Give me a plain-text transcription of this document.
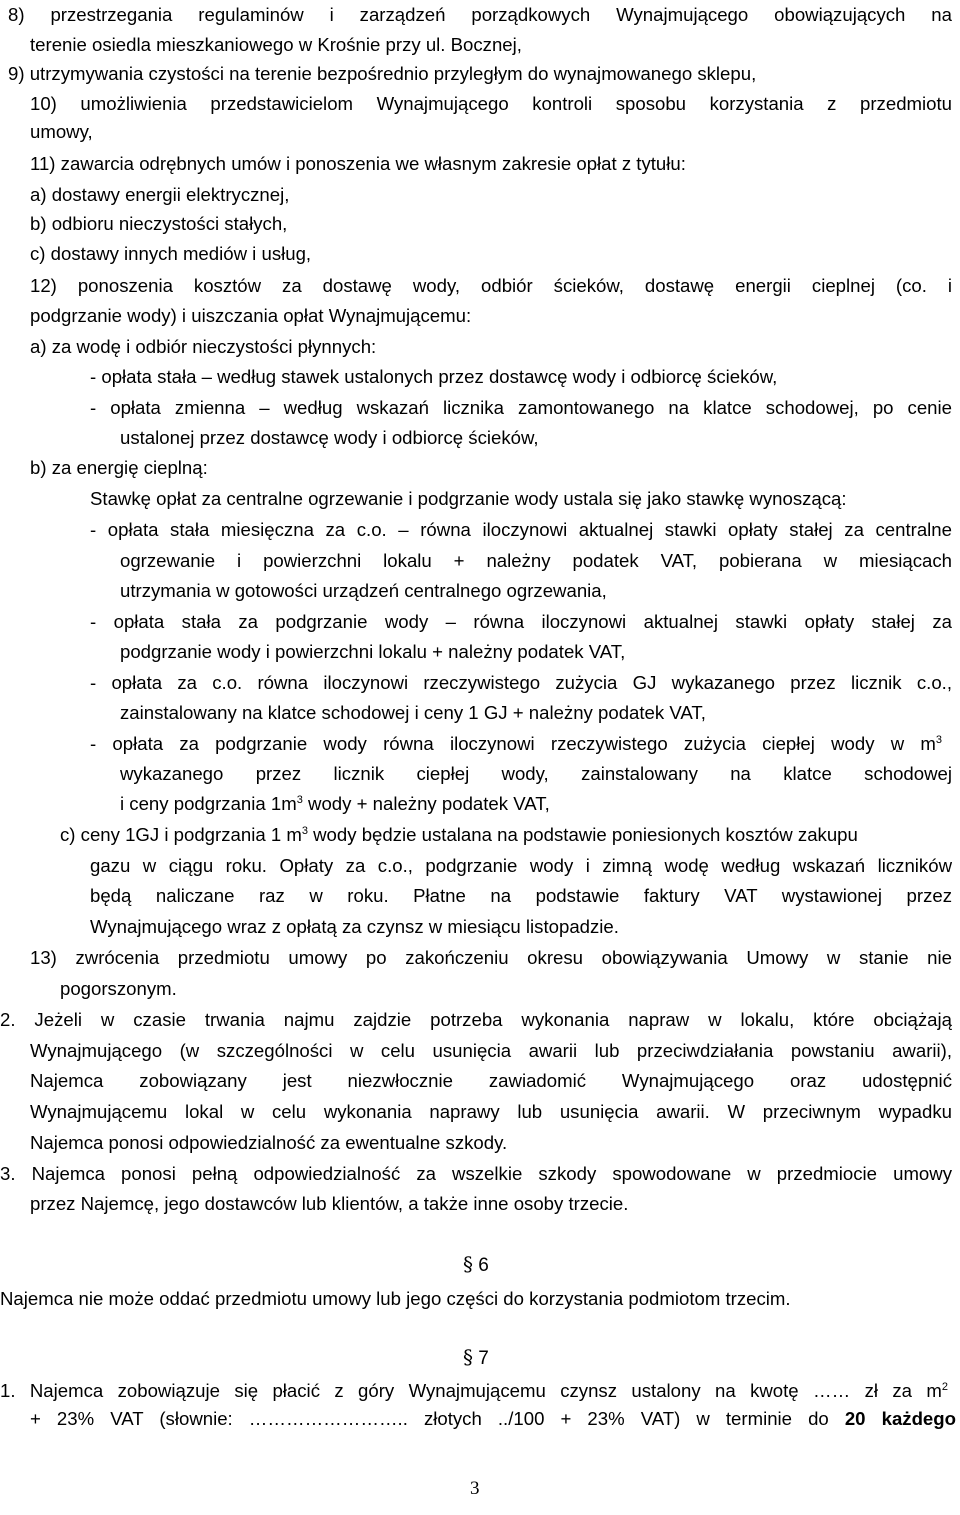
8) przestrzegania regulaminów i zarządzeń porządkowych Wynajmującego obowiązujących na
terenie osiedla mieszkaniowego w Krośnie przy ul. Bocznej,
9) utrzymywania czystości na terenie bezpośrednio przyległym do wynajmowanego sklepu,
10) umożliwienia przedstawicielom Wynajmującego kontroli sposobu korzystania z przedmiotu
umowy,
11) zawarcia odrębnych umów i ponoszenia we własnym zakresie opłat z tytułu:
a) dostawy energii elektrycznej,
b) odbioru nieczystości stałych,
c) dostawy innych mediów i usług,
12) ponoszenia kosztów za dostawę wody, odbiór ścieków, dostawę energii cieplnej (co. i
podgrzanie wody) i uiszczania opłat Wynajmującemu:
a) za wodę i odbiór nieczystości płynnych:
- opłata stała – według stawek ustalonych przez dostawcę wody i odbiorcę ścieków,
- opłata zmienna – według wskazań licznika zamontowanego na klatce schodowej, po cenie
ustalonej przez dostawcę wody i odbiorcę ścieków,
b) za energię cieplną:
Stawkę opłat za centralne ogrzewanie i podgrzanie wody ustala się jako stawkę wynoszącą:
- opłata stała miesięczna za c.o. – równa iloczynowi aktualnej stawki opłaty stałej za centralne
ogrzewanie i powierzchni lokalu + należny podatek VAT, pobierana w miesiącach
utrzymania w gotowości urządzeń centralnego ogrzewania,
- opłata stała za podgrzanie wody – równa iloczynowi aktualnej stawki opłaty stałej za
podgrzanie wody i powierzchni lokalu + należny podatek VAT,
- opłata za c.o. równa iloczynowi rzeczywistego zużycia GJ wykazanego przez licznik c.o.,
zainstalowany na klatce schodowej i ceny 1 GJ + należny podatek VAT,
- opłata za podgrzanie wody równa iloczynowi rzeczywistego zużycia ciepłej wody w $m^3$
wykazanego przez licznik ciepłej wody, zainstalowany na klatce schodowej
i ceny podgrzania $1m^3$ wody + należny podatek VAT,
c) ceny 1GJ i podgrzania 1 $m^3$ wody będzie ustalana na podstawie poniesionych kosztów zakupu
gazu w ciągu roku. Opłaty za c.o., podgrzanie wody i zimną wodę według wskazań liczników
będą naliczane raz w roku. Płatne na podstawie faktury VAT wystawionej przez
Wynajmującego wraz z opłatą za czynsz w miesiącu listopadzie.
13) zwrócenia przedmiotu umowy po zakończeniu okresu obowiązywania Umowy w stanie nie
pogorszonym.
2. Jeżeli w czasie trwania najmu zajdzie potrzeba wykonania napraw w lokalu, które obciążają
Wynajmującego (w szczególności w celu usunięcia awarii lub przeciwdziałania powstaniu awarii),
Najemca zobowiązany jest niezwłocznie zawiadomić Wynajmującego oraz udostępnić
Wynajmującemu lokal w celu wykonania naprawy lub usunięcia awarii. W przeciwnym wypadku
Najemca ponosi odpowiedzialność za ewentualne szkody.
3. Najemca ponosi pełną odpowiedzialność za wszelkie szkody spowodowane w przedmiocie umowy
przez Najemcę, jego dostawców lub klientów, a także inne osoby trzecie.
§ 6
Najemca nie może oddać przedmiotu umowy lub jego części do korzystania podmiotom trzecim.
§ 7
1. Najemca zobowiązuje się płacić z góry Wynajmującemu czynsz ustalony na kwotę …… zł za $m^2$
+ 23% VAT (słownie: …………………….. złotych ../100 + 23% VAT) w terminie do 20 każdego
3
